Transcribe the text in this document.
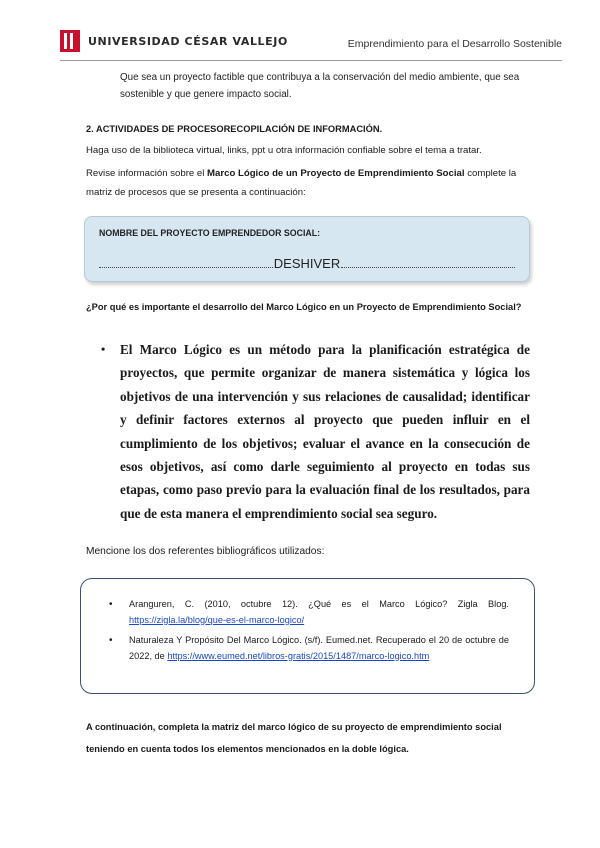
UNIVERSIDAD CÉSAR VALLEJO	Emprendimiento para el Desarrollo Sostenible
Que sea un proyecto factible que contribuya a la conservación del medio ambiente, que sea sostenible y que genere impacto social.
2. ACTIVIDADES DE PROCESORECOPILACIÓN DE INFORMACIÓN.
Haga uso de la biblioteca virtual, links, ppt u otra información confiable sobre el tema a tratar.
Revise información sobre el Marco Lógico de un Proyecto de Emprendimiento Social complete la matriz de procesos que se presenta a continuación:
NOMBRE DEL PROYECTO EMPRENDEDOR SOCIAL:
DESHIVER
¿Por qué es importante el desarrollo del Marco Lógico en un Proyecto de Emprendimiento Social?
• El Marco Lógico es un método para la planificación estratégica de proyectos, que permite organizar de manera sistemática y lógica los objetivos de una intervención y sus relaciones de causalidad; identificar y definir factores externos al proyecto que pueden influir en el cumplimiento de los objetivos; evaluar el avance en la consecución de esos objetivos, así como darle seguimiento al proyecto en todas sus etapas, como paso previo para la evaluación final de los resultados, para que de esta manera el emprendimiento social sea seguro.
Mencione los dos referentes bibliográficos utilizados:
• Aranguren, C. (2010, octubre 12). ¿Qué es el Marco Lógico? Zigla Blog. https://zigla.la/blog/que-es-el-marco-logico/
• Naturaleza Y Propósito Del Marco Lógico. (s/f). Eumed.net. Recuperado el 20 de octubre de 2022, de https://www.eumed.net/libros-gratis/2015/1487/marco-logico.htm
A continuación, completa la matriz del marco lógico de su proyecto de emprendimiento social teniendo en cuenta todos los elementos mencionados en la doble lógica.
